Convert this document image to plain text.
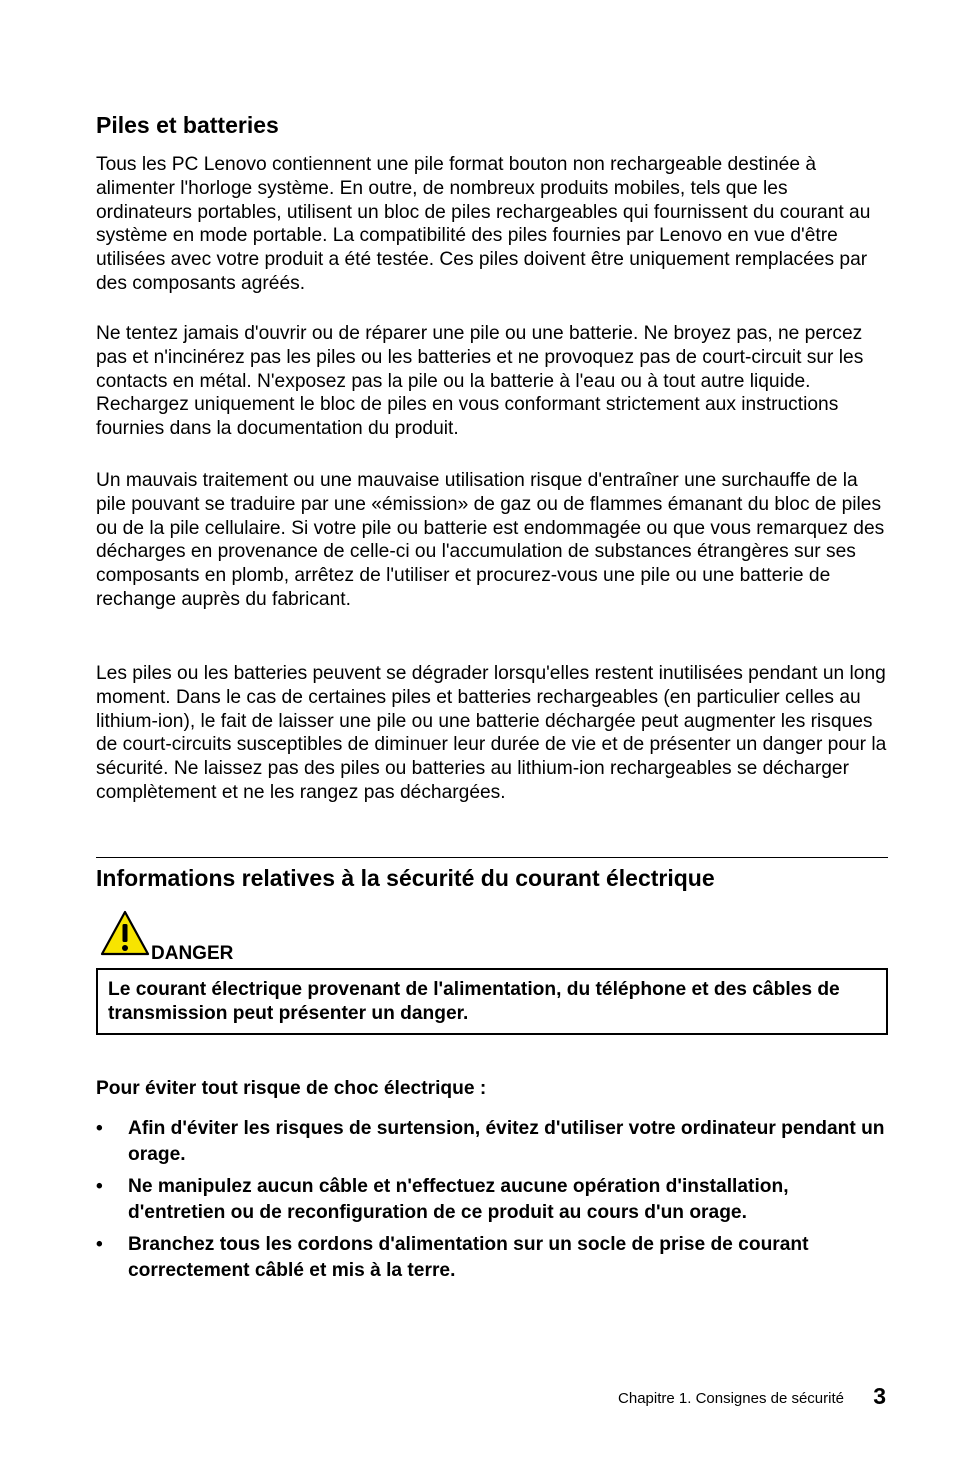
Piles et batteries

Tous les PC Lenovo contiennent une pile format bouton non rechargeable destinée à alimenter l'horloge système. En outre, de nombreux produits mobiles, tels que les ordinateurs portables, utilisent un bloc de piles rechargeables qui fournissent du courant au système en mode portable. La compatibilité des piles fournies par Lenovo en vue d'être utilisées avec votre produit a été testée. Ces piles doivent être uniquement remplacées par des composants agréés.

Ne tentez jamais d'ouvrir ou de réparer une pile ou une batterie. Ne broyez pas, ne percez pas et n'incinérez pas les piles ou les batteries et ne provoquez pas de court-circuit sur les contacts en métal. N'exposez pas la pile ou la batterie à l'eau ou à tout autre liquide. Rechargez uniquement le bloc de piles en vous conformant strictement aux instructions fournies dans la documentation du produit.

Un mauvais traitement ou une mauvaise utilisation risque d'entraîner une surchauffe de la pile pouvant se traduire par une «émission» de gaz ou de flammes émanant du bloc de piles ou de la pile cellulaire. Si votre pile ou batterie est endommagée ou que vous remarquez des décharges en provenance de celle-ci ou l'accumulation de substances étrangères sur ses composants en plomb, arrêtez de l'utiliser et procurez-vous une pile ou une batterie de rechange auprès du fabricant.

Les piles ou les batteries peuvent se dégrader lorsqu'elles restent inutilisées pendant un long moment. Dans le cas de certaines piles et batteries rechargeables (en particulier celles au lithium-ion), le fait de laisser une pile ou une batterie déchargée peut augmenter les risques de court-circuits susceptibles de diminuer leur durée de vie et de présenter un danger pour la sécurité. Ne laissez pas des piles ou batteries au lithium-ion rechargeables se décharger complètement et ne les rangez pas déchargées.

Informations relatives à la sécurité du courant électrique
DANGER
Le courant électrique provenant de l'alimentation, du téléphone et des câbles de transmission peut présenter un danger.

Pour éviter tout risque de choc électrique :

• Afin d'éviter les risques de surtension, évitez d'utiliser votre ordinateur pendant un orage.
• Ne manipulez aucun câble et n'effectuez aucune opération d'installation, d'entretien ou de reconfiguration de ce produit au cours d'un orage.
• Branchez tous les cordons d'alimentation sur un socle de prise de courant correctement câblé et mis à la terre.
Chapitre 1. Consignes de sécurité 3
